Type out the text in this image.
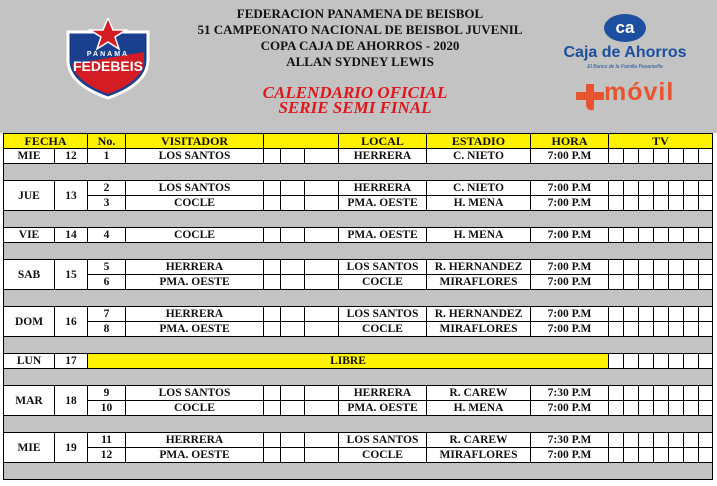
PANAMA
FEDEBEIS
FEDERACION PANAMENA DE BEISBOL
51 CAMPEONATO NACIONAL DE BEISBOL JUVENIL
COPA CAJA DE AHORROS - 2020
ALLAN SYDNEY LEWIS
CALENDARIO OFICIAL
SERIE SEMI FINAL
ca
Caja de Ahorros
El Banco de la Familia Panameña
móvil
FECHA		No.	VISITADOR				LOCAL	ESTADIO	HORA	TV						
MIE	12	1	LOS SANTOS				HERRERA	C. NIETO	7:00 P.M							

JUE	13	2	LOS SANTOS				HERRERA	C. NIETO	7:00 P.M							
		3	COCLE				PMA. OESTE	H. MENA	7:00 P.M							

VIE	14	4	COCLE				PMA. OESTE	H. MENA	7:00 P.M							

SAB	15	5	HERRERA				LOS SANTOS	R. HERNANDEZ	7:00 P.M							
		6	PMA. OESTE				COCLE	MIRAFLORES	7:00 P.M							

DOM	16	7	HERRERA				LOS SANTOS	R. HERNANDEZ	7:00 P.M							
		8	PMA. OESTE				COCLE	MIRAFLORES	7:00 P.M							

LUN	17	LIBRE														

MAR	18	9	LOS SANTOS				HERRERA	R. CAREW	7:30 P.M							
		10	COCLE				PMA. OESTE	H. MENA	7:00 P.M							

MIE	19	11	HERRERA				LOS SANTOS	R. CAREW	7:30 P.M							
		12	PMA. OESTE				COCLE	MIRAFLORES	7:00 P.M							
